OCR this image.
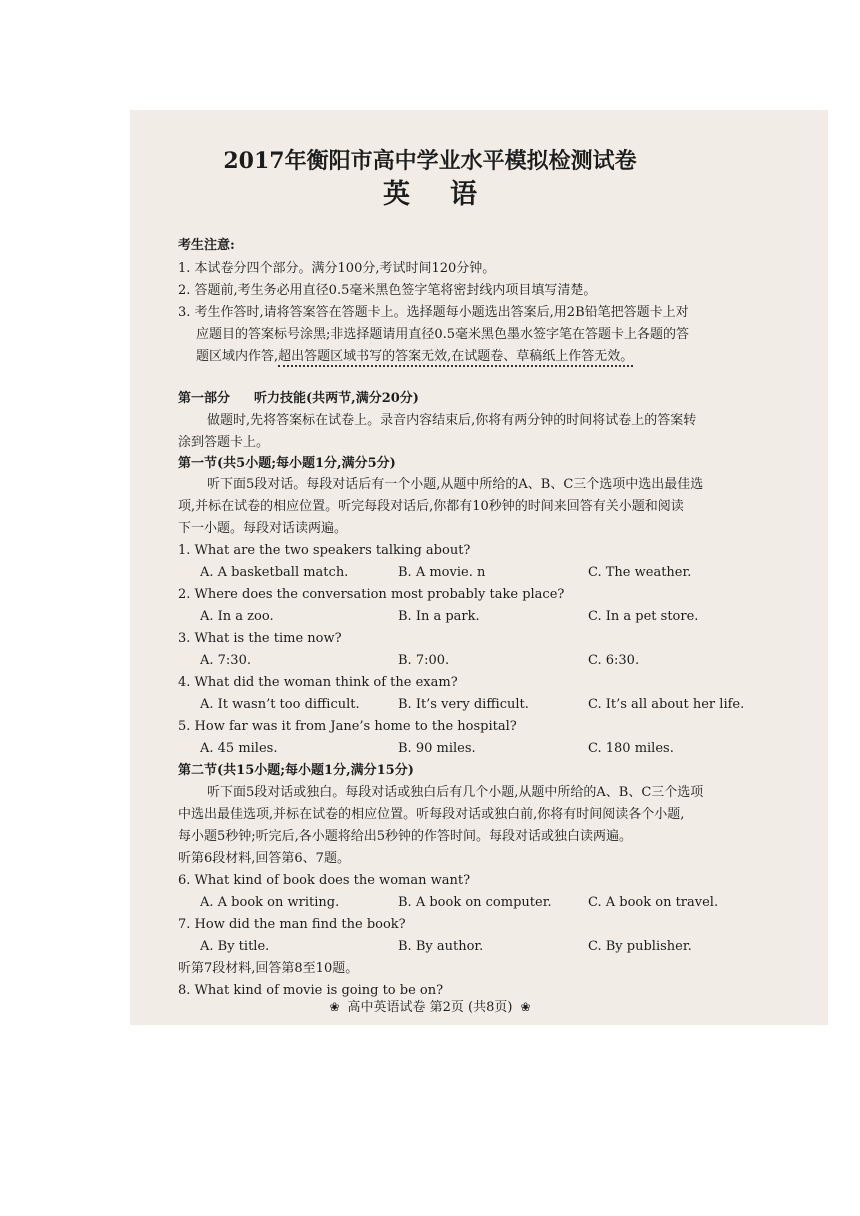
2017年衡阳市高中学业水平模拟检测试卷
英语
考生注意:
1. 本试卷分四个部分。满分100分,考试时间120分钟。
2. 答题前,考生务必用直径0.5毫米黑色签字笔将密封线内项目填写清楚。
3. 考生作答时,请将答案答在答题卡上。选择题每小题选出答案后,用2B铅笔把答题卡上对
应题目的答案标号涂黑;非选择题请用直径0.5毫米黑色墨水签字笔在答题卡上各题的答
题区域内作答,超出答题区域书写的答案无效,在试题卷、草稿纸上作答无效。
第一部分 听力技能(共两节,满分20分)
做题时,先将答案标在试卷上。录音内容结束后,你将有两分钟的时间将试卷上的答案转
涂到答题卡上。
第一节(共5小题;每小题1分,满分5分)
听下面5段对话。每段对话后有一个小题,从题中所给的A、B、C三个选项中选出最佳选
项,并标在试卷的相应位置。听完每段对话后,你都有10秒钟的时间来回答有关小题和阅读
下一小题。每段对话读两遍。
1. What are the two speakers talking about?
A. A basketball match.	B. A movie. n	C. The weather.
2. Where does the conversation most probably take place?
A. In a zoo.	B. In a park.	C. In a pet store.
3. What is the time now?
A. 7:30.	B. 7:00.	C. 6:30.
4. What did the woman think of the exam?
A. It wasn’t too difficult.	B. It’s very difficult.	C. It’s all about her life.
5. How far was it from Jane’s home to the hospital?
A. 45 miles.	B. 90 miles.	C. 180 miles.
第二节(共15小题;每小题1分,满分15分)
听下面5段对话或独白。每段对话或独白后有几个小题,从题中所给的A、B、C三个选项
中选出最佳选项,并标在试卷的相应位置。听每段对话或独白前,你将有时间阅读各个小题,
每小题5秒钟;听完后,各小题将给出5秒钟的作答时间。每段对话或独白读两遍。
听第6段材料,回答第6、7题。
6. What kind of book does the woman want?
A. A book on writing.	B. A book on computer.	C. A book on travel.
7. How did the man find the book?
A. By title.	B. By author.	C. By publisher.
听第7段材料,回答第8至10题。
8. What kind of movie is going to be on?
❀ 高中英语试卷 第2页 (共8页) ❀
